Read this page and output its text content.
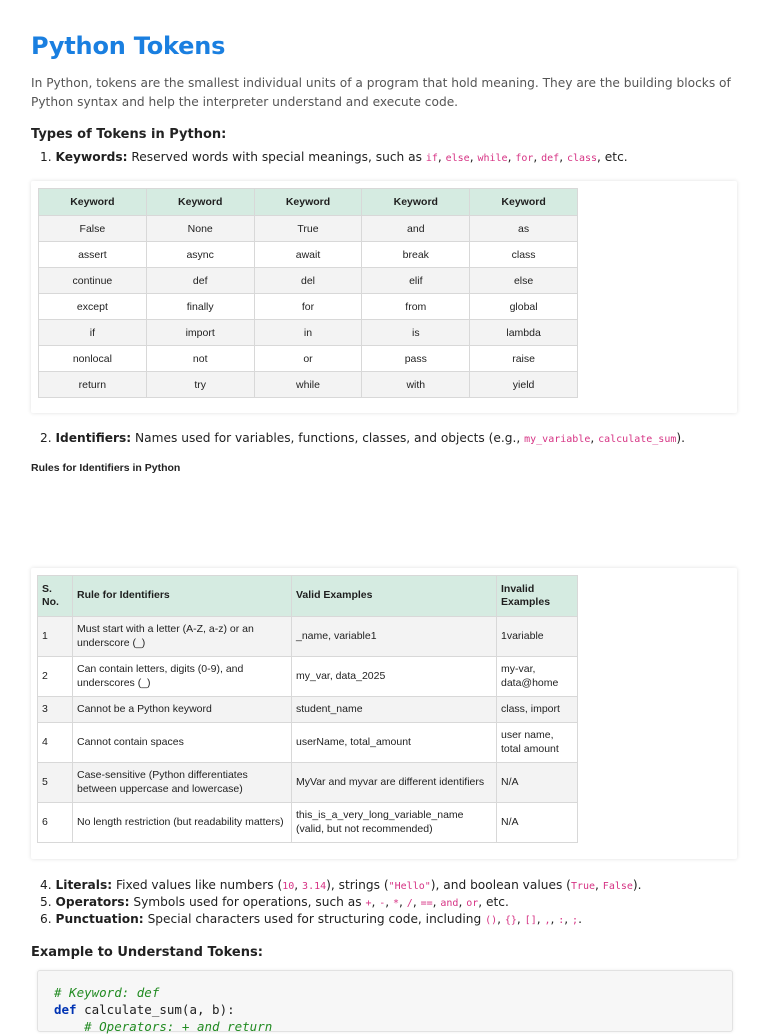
Python Tokens
In Python, tokens are the smallest individual units of a program that hold meaning. They are the building blocks of Python syntax and help the interpreter understand and execute code.
Types of Tokens in Python:
1. Keywords: Reserved words with special meanings, such as if, else, while, for, def, class, etc.
Keyword	Keyword	Keyword	Keyword	Keyword
False	None	True	and	as
assert	async	await	break	class
continue	def	del	elif	else
except	finally	for	from	global
if	import	in	is	lambda
nonlocal	not	or	pass	raise
return	try	while	with	yield
2. Identifiers: Names used for variables, functions, classes, and objects (e.g., my_variable, calculate_sum).
Rules for Identifiers in Python
S. No.	Rule for Identifiers	Valid Examples	Invalid Examples
1	Must start with a letter (A-Z, a-z) or an underscore (_)	_name, variable1	1variable
2	Can contain letters, digits (0-9), and underscores (_)	my_var, data_2025	my-var, data@home
3	Cannot be a Python keyword	student_name	class, import
4	Cannot contain spaces	userName, total_amount	user name, total amount
5	Case-sensitive (Python differentiates between uppercase and lowercase)	MyVar and myvar are different identifiers	N/A
6	No length restriction (but readability matters)	this_is_a_very_long_variable_name (valid, but not recommended)	N/A
4. Literals: Fixed values like numbers (10, 3.14), strings ("Hello"), and boolean values (True, False).
5. Operators: Symbols used for operations, such as +, -, *, /, ==, and, or, etc.
6. Punctuation: Special characters used for structuring code, including (), {}, [], ,, :, ;.
Example to Understand Tokens:
# Keyword: def
def calculate_sum(a, b):
# Operators: + and return
